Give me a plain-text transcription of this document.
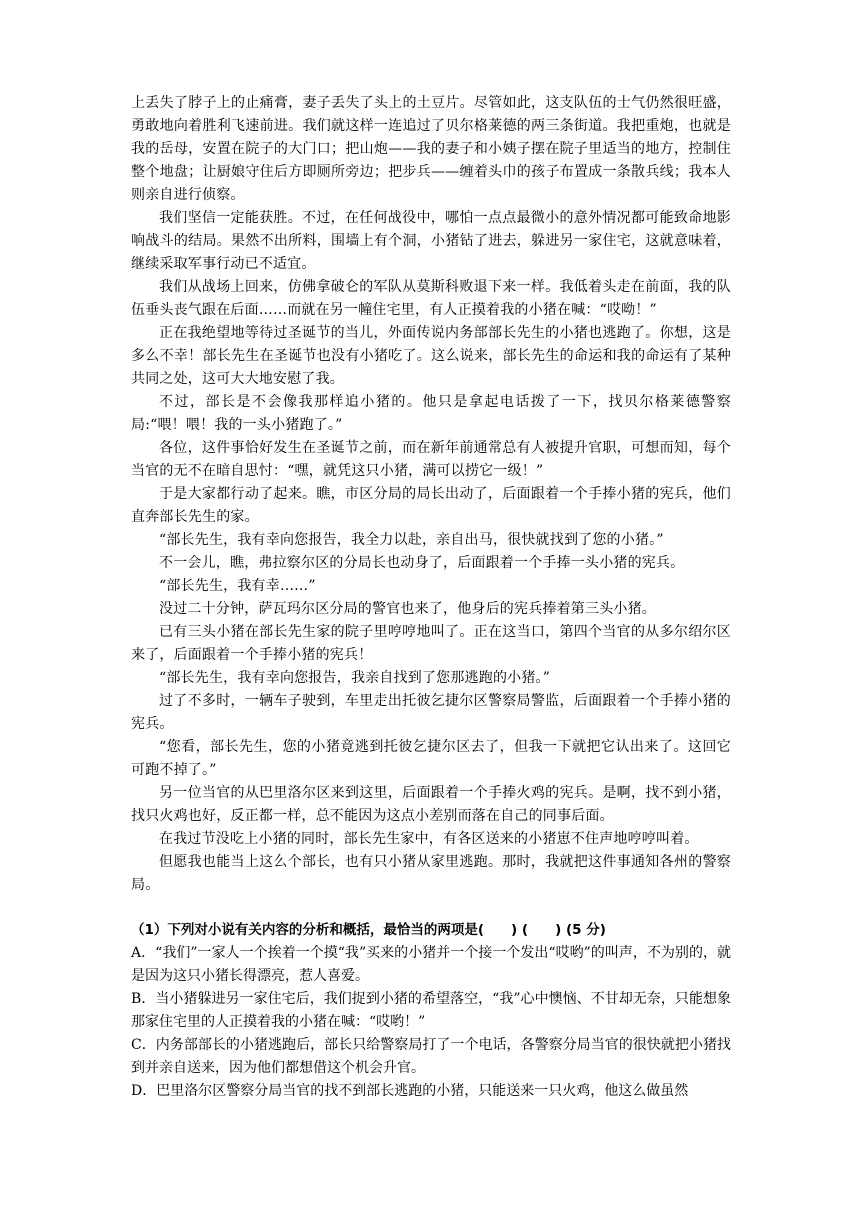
上丢失了脖子上的止痛膏，妻子丢失了头上的土豆片。尽管如此，这支队伍的士气仍然很旺盛，勇敢地向着胜利飞速前进。我们就这样一连追过了贝尔格莱德的两三条街道。我把重炮，也就是我的岳母，安置在院子的大门口；把山炮——我的妻子和小姨子摆在院子里适当的地方，控制住整个地盘；让厨娘守住后方即厕所旁边；把步兵——缠着头巾的孩子布置成一条散兵线；我本人则亲自进行侦察。

我们坚信一定能获胜。不过，在任何战役中，哪怕一点点最微小的意外情况都可能致命地影响战斗的结局。果然不出所料，围墙上有个洞，小猪钻了进去，躲进另一家住宅，这就意味着，继续采取军事行动已不适宜。

我们从战场上回来，仿佛拿破仑的军队从莫斯科败退下来一样。我低着头走在前面，我的队伍垂头丧气跟在后面……而就在另一幢住宅里，有人正摸着我的小猪在喊：“哎呦！”

正在我绝望地等待过圣诞节的当儿，外面传说内务部部长先生的小猪也逃跑了。你想，这是多么不幸！部长先生在圣诞节也没有小猪吃了。这么说来，部长先生的命运和我的命运有了某种共同之处，这可大大地安慰了我。

不过，部长是不会像我那样追小猪的。他只是拿起电话拨了一下，找贝尔格莱德警察局:“喂！喂！我的一头小猪跑了。”

各位，这件事恰好发生在圣诞节之前，而在新年前通常总有人被提升官职，可想而知，每个当官的无不在暗自思忖：“嘿，就凭这只小猪，满可以捞它一级！”

于是大家都行动了起来。瞧，市区分局的局长出动了，后面跟着一个手捧小猪的宪兵，他们直奔部长先生的家。

“部长先生，我有幸向您报告，我全力以赴，亲自出马，很快就找到了您的小猪。”

不一会儿，瞧，弗拉察尔区的分局长也动身了，后面跟着一个手捧一头小猪的宪兵。

“部长先生，我有幸……”

没过二十分钟，萨瓦玛尔区分局的警官也来了，他身后的宪兵捧着第三头小猪。

已有三头小猪在部长先生家的院子里哼哼地叫了。正在这当口，第四个当官的从多尔绍尔区来了，后面跟着一个手捧小猪的宪兵！

“部长先生，我有幸向您报告，我亲自找到了您那逃跑的小猪。”

过了不多时，一辆车子驶到，车里走出托彼乞捷尔区警察局警监，后面跟着一个手捧小猪的宪兵。

“您看，部长先生，您的小猪竟逃到托彼乞捷尔区去了，但我一下就把它认出来了。这回它可跑不掉了。”

另一位当官的从巴里洛尔区来到这里，后面跟着一个手捧火鸡的宪兵。是啊，找不到小猪，找只火鸡也好，反正都一样，总不能因为这点小差别而落在自己的同事后面。

在我过节没吃上小猪的同时，部长先生家中，有各区送来的小猪崽不住声地哼哼叫着。

但愿我也能当上这么个部长，也有只小猪从家里逃跑。那时，我就把这件事通知各州的警察局。

（1）下列对小说有关内容的分析和概括，最恰当的两项是(　　) (　　) (5 分)

A．“我们”一家人一个挨着一个摸“我”买来的小猪并一个接一个发出“哎哟”的叫声，不为别的，就是因为这只小猪长得漂亮，惹人喜爱。

B．当小猪躲进另一家住宅后，我们捉到小猪的希望落空，“我”心中懊恼、不甘却无奈，只能想象那家住宅里的人正摸着我的小猪在喊：“哎哟！”

C．内务部部长的小猪逃跑后，部长只给警察局打了一个电话，各警察分局当官的很快就把小猪找到并亲自送来，因为他们都想借这个机会升官。

D．巴里洛尔区警察分局当官的找不到部长逃跑的小猪，只能送来一只火鸡，他这么做虽然
